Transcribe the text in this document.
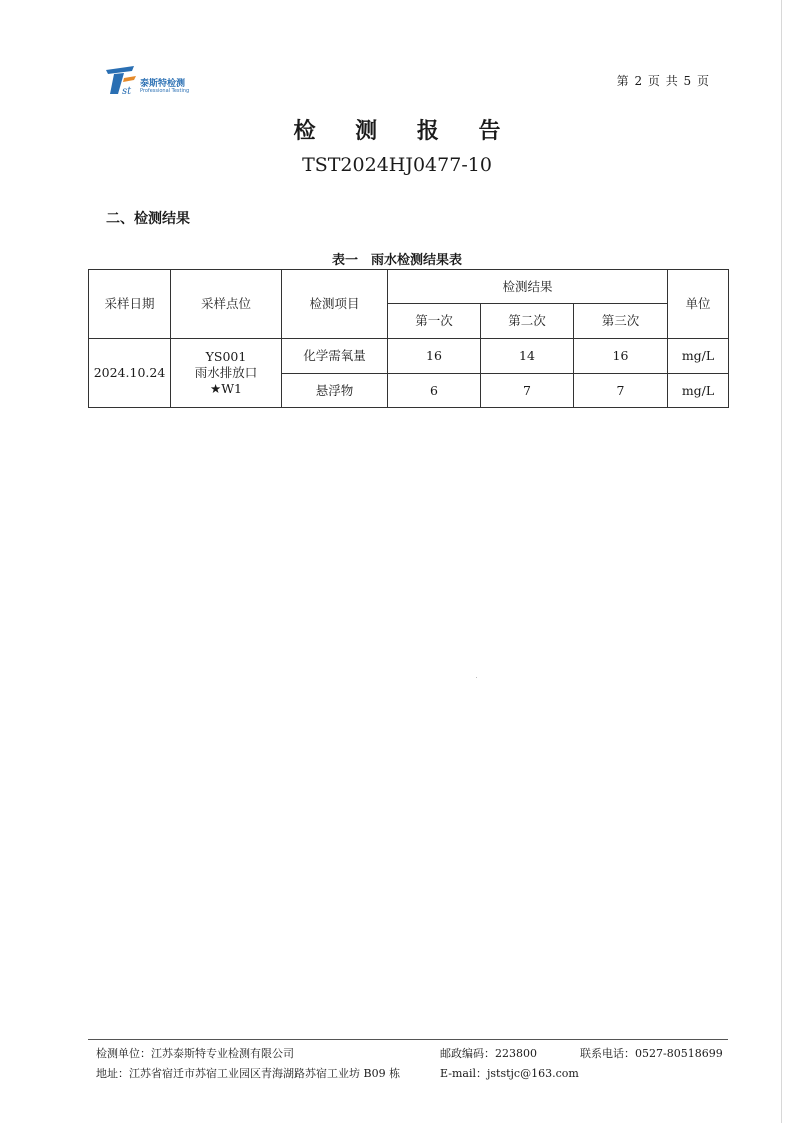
st
泰斯特检测
Professional Testing
第 2 页 共 5 页
检 测 报 告
TST2024HJ0477-10
二、检测结果
表一　雨水检测结果表
采样日期	采样点位	检测项目	检测结果			单位
			第一次	第二次	第三次	
2024.10.24	YS001
雨水排放口
★W1	化学需氧量	16	14	16	mg/L
		悬浮物	6	7	7	mg/L
检测单位：江苏泰斯特专业检测有限公司	邮政编码：223800	联系电话：0527-80518699
地址：江苏省宿迁市苏宿工业园区青海湖路苏宿工业坊 B09 栋	E-mail：jststjc@163.com
